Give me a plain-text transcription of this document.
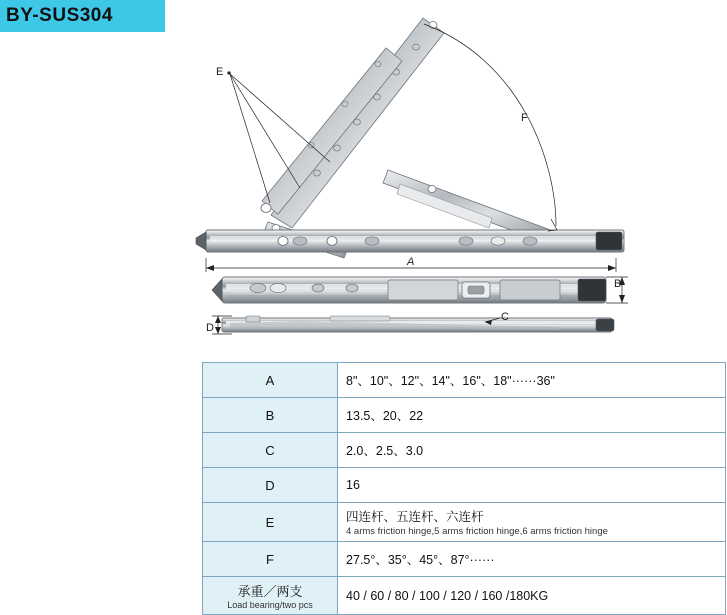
BY-SUS304
E
F
A
B
C
D
A	8"、10"、12"、14"、16"、18"······36"
B	13.5、20、22
C	2.0、2.5、3.0
D	16
E	四连杆、五连杆、六连杆
4 arms friction hinge,5 arms friction hinge,6 arms friction hinge

F	27.5°、35°、45°、87°······

承重／两支
Load bearing/two pcs	40 / 60 / 80 / 100 / 120 / 160 /180KG
